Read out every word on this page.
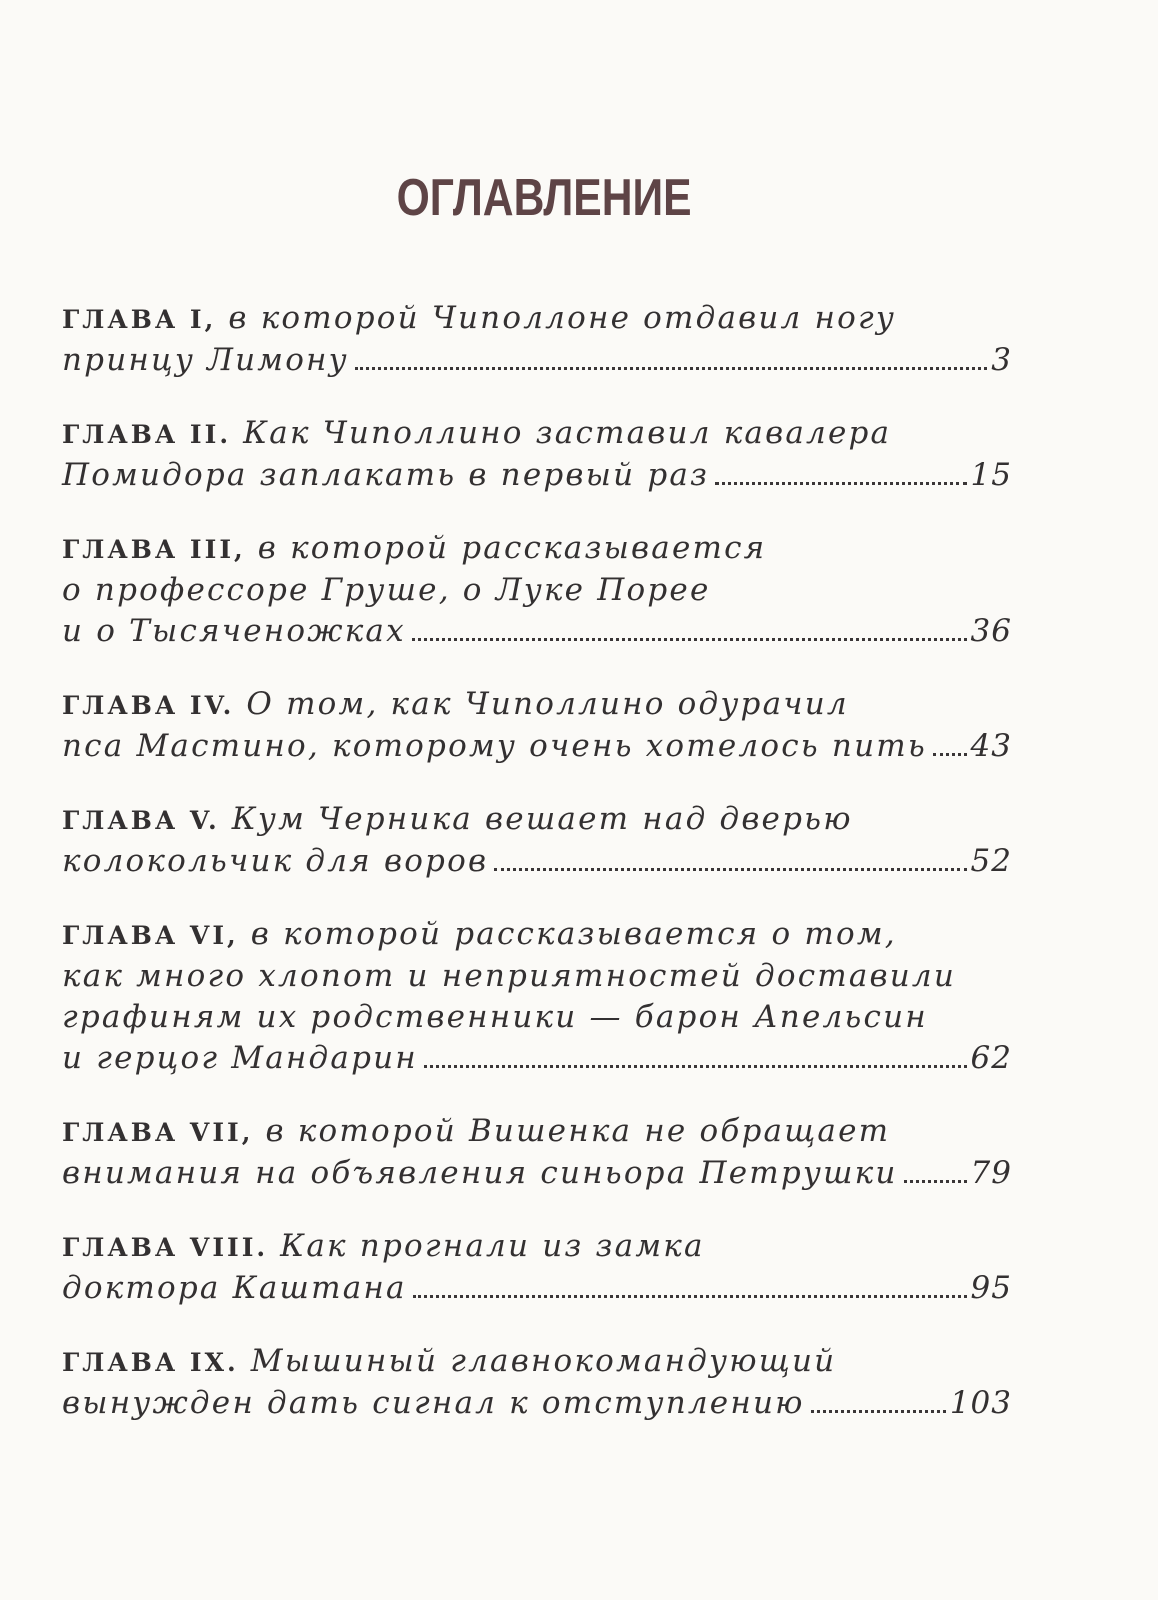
ОГЛАВЛЕНИЕ
ГЛАВА I, в которой Чиполлоне отдавил ногу
принцу Лимону	3
ГЛАВА II. Как Чиполлино заставил кавалера
Помидора заплакать в первый раз	15
ГЛАВА III, в которой рассказывается
о профессоре Груше, о Луке Порее
и о Тысяченожках	36
ГЛАВА IV. О том, как Чиполлино одурачил
пса Мастино, которому очень хотелось пить 43
ГЛАВА V. Кум Черника вешает над дверью
колокольчик для воров	52
ГЛАВА VI, в которой рассказывается о том,
как много хлопот и неприятностей доставили
графиням их родственники — барон Апельсин
и герцог Мандарин	62
ГЛАВА VII, в которой Вишенка не обращает
внимания на объявления синьора Петрушки 79
ГЛАВА VIII. Как прогнали из замка
доктора Каштана	95
ГЛАВА IX. Мышиный главнокомандующий
вынужден дать сигнал к отступлению	103
